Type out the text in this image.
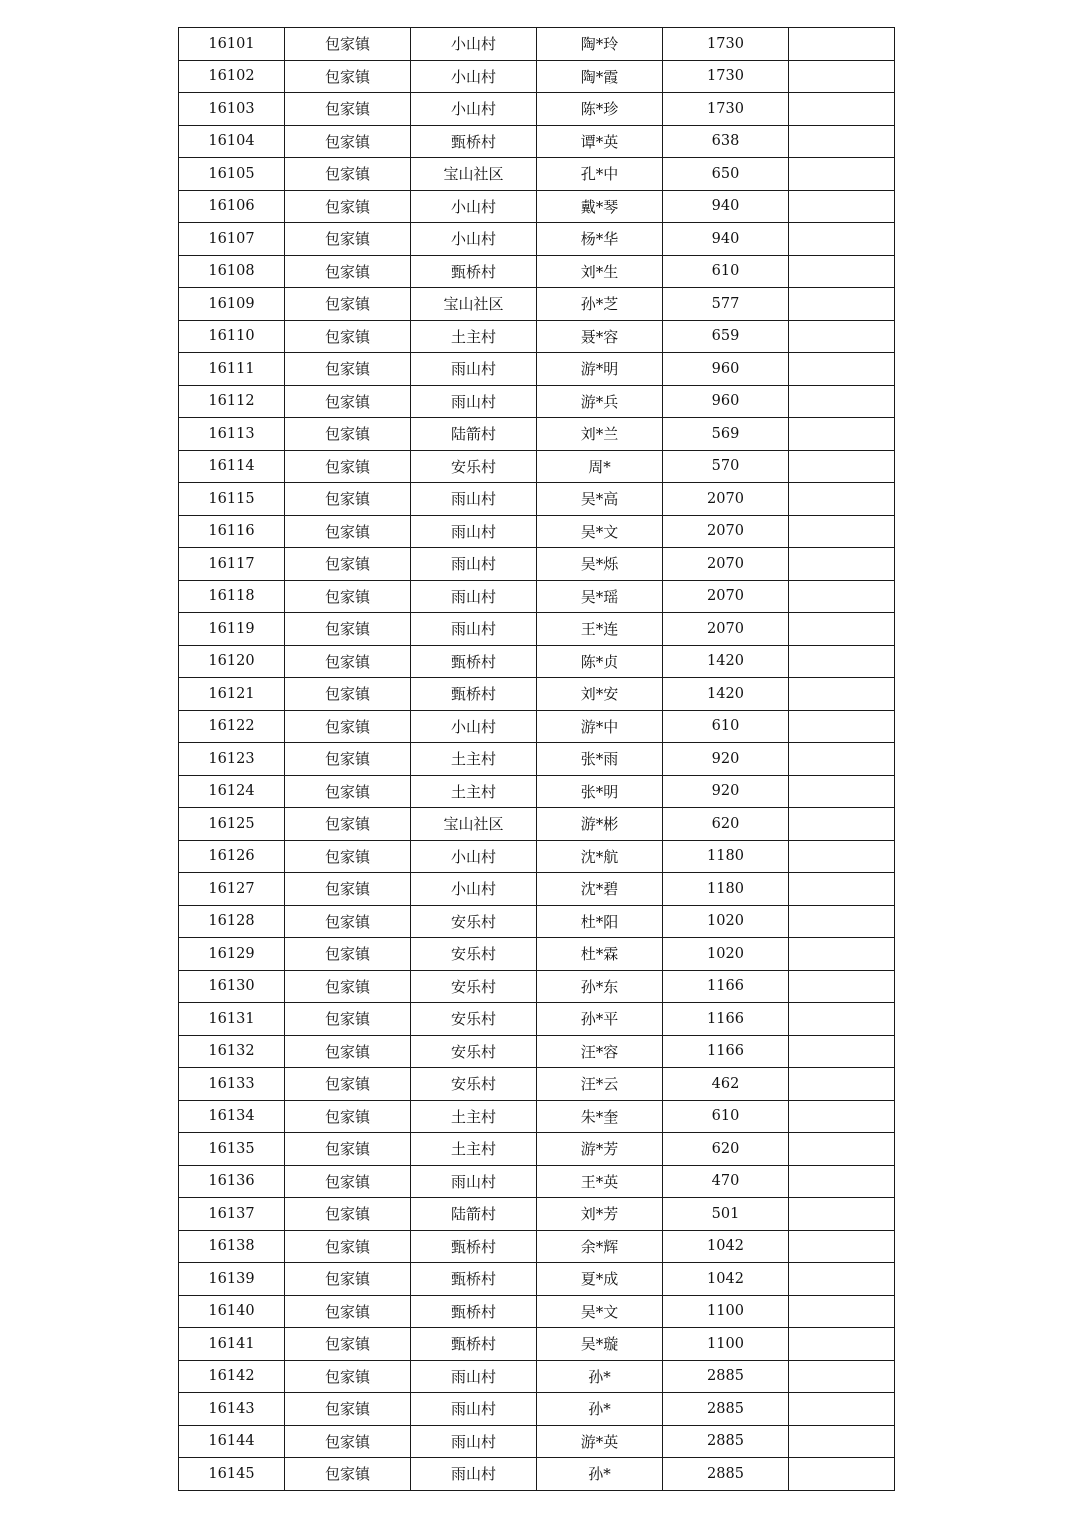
16101	包家镇	小山村	陶*玲	1730	
16102	包家镇	小山村	陶*霞	1730	
16103	包家镇	小山村	陈*珍	1730	
16104	包家镇	甄桥村	谭*英	638	
16105	包家镇	宝山社区	孔*中	650	
16106	包家镇	小山村	戴*琴	940	
16107	包家镇	小山村	杨*华	940	
16108	包家镇	甄桥村	刘*生	610	
16109	包家镇	宝山社区	孙*芝	577	
16110	包家镇	土主村	聂*容	659	
16111	包家镇	雨山村	游*明	960	
16112	包家镇	雨山村	游*兵	960	
16113	包家镇	陆箭村	刘*兰	569	
16114	包家镇	安乐村	周*	570	
16115	包家镇	雨山村	吴*高	2070	
16116	包家镇	雨山村	吴*文	2070	
16117	包家镇	雨山村	吴*烁	2070	
16118	包家镇	雨山村	吴*瑶	2070	
16119	包家镇	雨山村	王*连	2070	
16120	包家镇	甄桥村	陈*贞	1420	
16121	包家镇	甄桥村	刘*安	1420	
16122	包家镇	小山村	游*中	610	
16123	包家镇	土主村	张*雨	920	
16124	包家镇	土主村	张*明	920	
16125	包家镇	宝山社区	游*彬	620	
16126	包家镇	小山村	沈*航	1180	
16127	包家镇	小山村	沈*碧	1180	
16128	包家镇	安乐村	杜*阳	1020	
16129	包家镇	安乐村	杜*霖	1020	
16130	包家镇	安乐村	孙*东	1166	
16131	包家镇	安乐村	孙*平	1166	
16132	包家镇	安乐村	汪*容	1166	
16133	包家镇	安乐村	汪*云	462	
16134	包家镇	土主村	朱*奎	610	
16135	包家镇	土主村	游*芳	620	
16136	包家镇	雨山村	王*英	470	
16137	包家镇	陆箭村	刘*芳	501	
16138	包家镇	甄桥村	余*辉	1042	
16139	包家镇	甄桥村	夏*成	1042	
16140	包家镇	甄桥村	吴*文	1100	
16141	包家镇	甄桥村	吴*璇	1100	
16142	包家镇	雨山村	孙*	2885	
16143	包家镇	雨山村	孙*	2885	
16144	包家镇	雨山村	游*英	2885	
16145	包家镇	雨山村	孙*	2885	
